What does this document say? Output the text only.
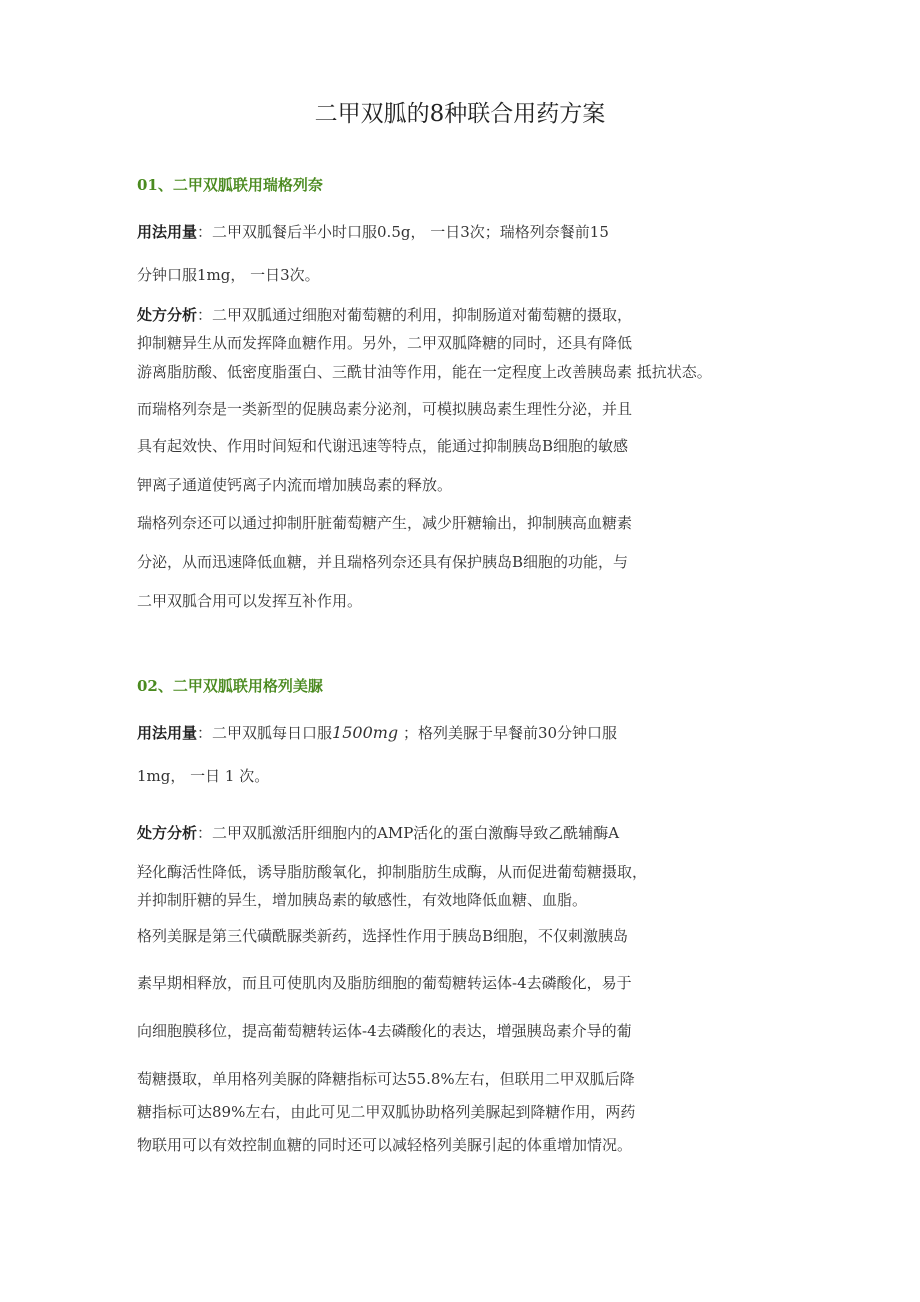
二甲双胍的8种联合用药方案
01、二甲双胍联用瑞格列奈
用法用量：二甲双胍餐后半小时口服0.5g， 一日3次；瑞格列奈餐前15
分钟口服1mg， 一日3次。
处方分析：二甲双胍通过细胞对葡萄糖的利用，抑制肠道对葡萄糖的摄取，
抑制糖异生从而发挥降血糖作用。另外，二甲双胍降糖的同时，还具有降低
游离脂肪酸、低密度脂蛋白、三酰甘油等作用，能在一定程度上改善胰岛素 抵抗状态。
而瑞格列奈是一类新型的促胰岛素分泌剂，可模拟胰岛素生理性分泌，并且
具有起效快、作用时间短和代谢迅速等特点，能通过抑制胰岛B细胞的敏感
钾离子通道使钙离子内流而增加胰岛素的释放。
瑞格列奈还可以通过抑制肝脏葡萄糖产生，减少肝糖输出，抑制胰高血糖素
分泌，从而迅速降低血糖，并且瑞格列奈还具有保护胰岛B细胞的功能，与
二甲双胍合用可以发挥互补作用。
02、二甲双胍联用格列美脲
用法用量：二甲双胍每日口服1500mg ；格列美脲于早餐前30分钟口服
1mg， 一日 1 次。
处方分析：二甲双胍激活肝细胞内的AMP活化的蛋白激酶导致乙酰辅酶A
羟化酶活性降低，诱导脂肪酸氧化，抑制脂肪生成酶，从而促进葡萄糖摄取，
并抑制肝糖的异生，增加胰岛素的敏感性，有效地降低血糖、血脂。
格列美脲是第三代磺酰脲类新药，选择性作用于胰岛B细胞，不仅刺激胰岛
素早期相释放，而且可使肌肉及脂肪细胞的葡萄糖转运体-4去磷酸化，易于
向细胞膜移位，提高葡萄糖转运体-4去磷酸化的表达，增强胰岛素介导的葡
萄糖摄取，单用格列美脲的降糖指标可达55.8%左右，但联用二甲双胍后降
糖指标可达89%左右，由此可见二甲双胍协助格列美脲起到降糖作用，两药
物联用可以有效控制血糖的同时还可以减轻格列美脲引起的体重增加情况。
